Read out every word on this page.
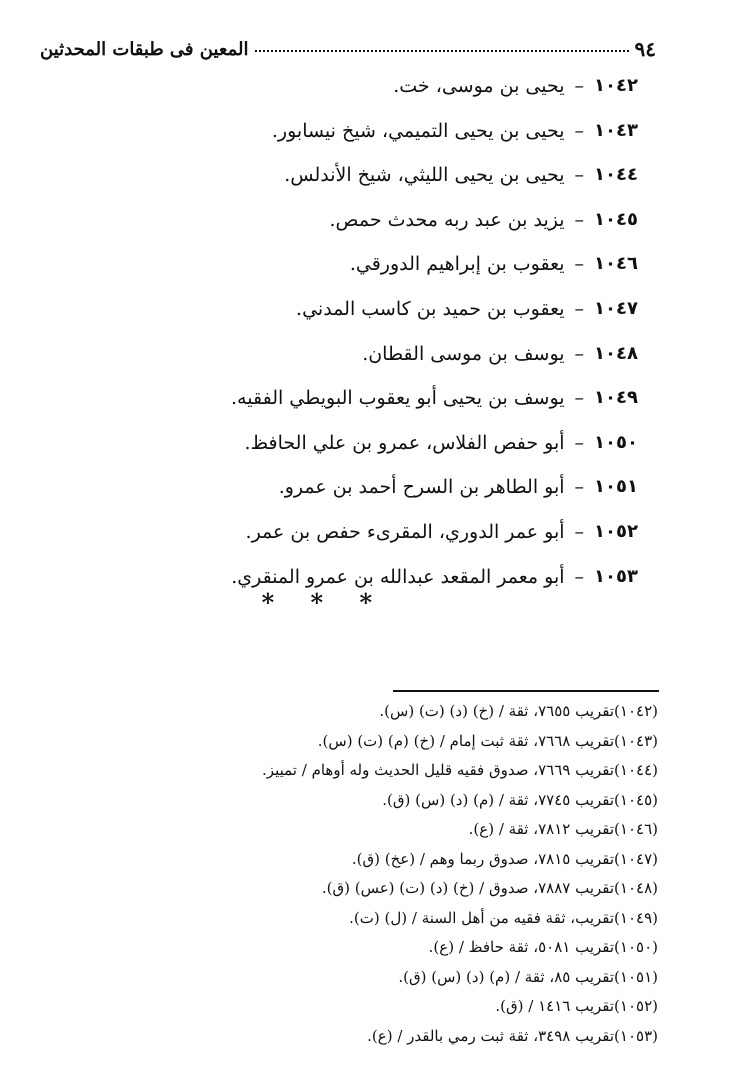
٩٤
المعين فى طبقات المحدثين
١٠٤٢
–
يحيى بن موسى، خت.
١٠٤٣
–
يحيى بن يحيى التميمي، شيخ نيسابور.
١٠٤٤
–
يحيى بن يحيى الليثي، شيخ الأندلس.
١٠٤٥
–
يزيد بن عبد ربه محدث حمص.
١٠٤٦
–
يعقوب بن إبراهيم الدورقي.
١٠٤٧
–
يعقوب بن حميد بن كاسب المدني.
١٠٤٨
–
يوسف بن موسى القطان.
١٠٤٩
–
يوسف بن يحيى أبو يعقوب البويطي الفقيه.
١٠٥٠
–
أبو حفص الفلاس، عمرو بن علي الحافظ.
١٠٥١
–
أبو الطاهر بن السرح أحمد بن عمرو.
١٠٥٢
–
أبو عمر الدوري، المقرىء حفص بن عمر.
١٠٥٣
–
أبو معمر المقعد عبدالله بن عمرو المنقري.
* * *
(١٠٤٢)تقريب ٧٦٥٥، ثقة / (خ) (د) (ت) (س).
(١٠٤٣)تقريب ٧٦٦٨، ثقة ثبت إمام / (خ) (م) (ت) (س).
(١٠٤٤)تقريب ٧٦٦٩، صدوق فقيه قليل الحديث وله أوهام / تمييز.
(١٠٤٥)تقريب ٧٧٤٥، ثقة / (م) (د) (س) (ق).
(١٠٤٦)تقريب ٧٨١٢، ثقة / (ع).
(١٠٤٧)تقريب ٧٨١٥، صدوق ربما وهم / (عخ) (ق).
(١٠٤٨)تقريب ٧٨٨٧، صدوق / (خ) (د) (ت) (عس) (ق).
(١٠٤٩)تقريب، ثقة فقيه من أهل السنة / (ل) (ت).
(١٠٥٠)تقريب ٥٠٨١، ثقة حافظ / (ع).
(١٠٥١)تقريب ٨٥، ثقة / (م) (د) (س) (ق).
(١٠٥٢)تقريب ١٤١٦ / (ق).
(١٠٥٣)تقريب ٣٤٩٨، ثقة ثبت رمي بالقدر / (ع).
